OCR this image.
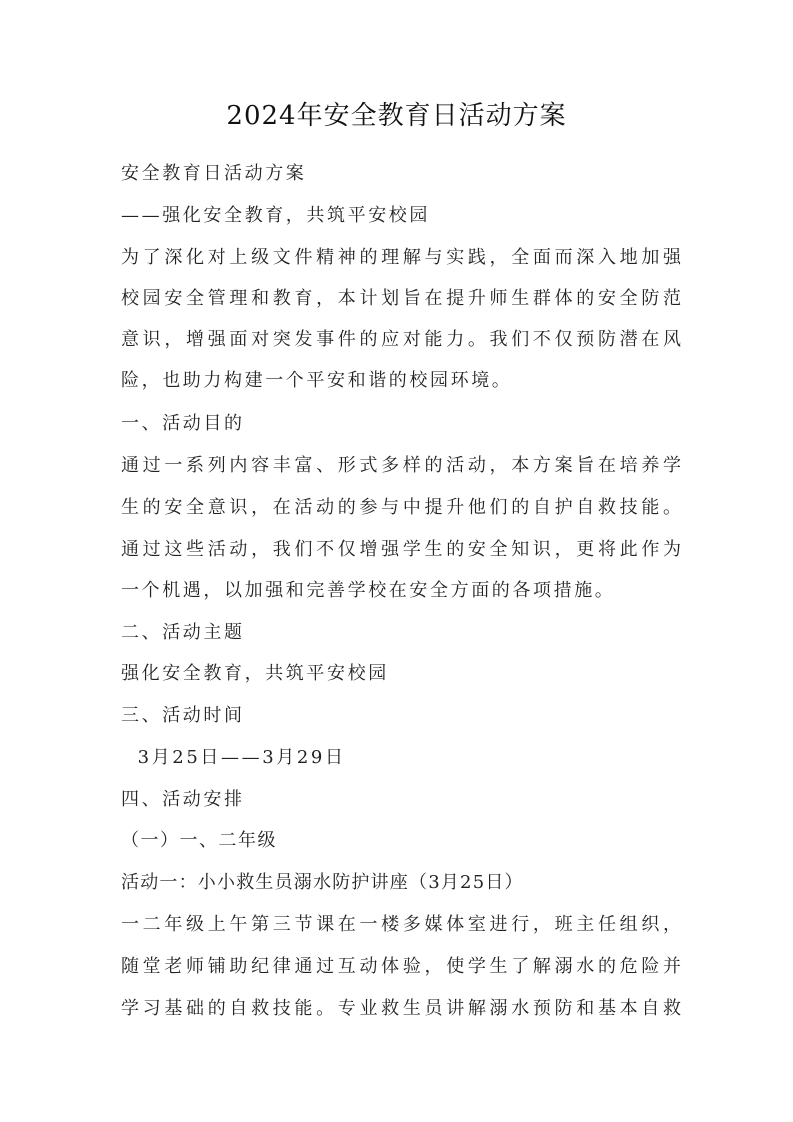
2024年安全教育日活动方案

安全教育日活动方案

——强化安全教育，共筑平安校园

为了深化对上级文件精神的理解与实践，全面而深入地加强

校园安全管理和教育，本计划旨在提升师生群体的安全防范

意识，增强面对突发事件的应对能力。我们不仅预防潜在风

险，也助力构建一个平安和谐的校园环境。

一、活动目的

通过一系列内容丰富、形式多样的活动，本方案旨在培养学

生的安全意识，在活动的参与中提升他们的自护自救技能。

通过这些活动，我们不仅增强学生的安全知识，更将此作为

一个机遇，以加强和完善学校在安全方面的各项措施。

二、活动主题

强化安全教育，共筑平安校园

三、活动时间

3月25日——3月29日

四、活动安排

（一）一、二年级

活动一：小小救生员溺水防护讲座（3月25日）

一二年级上午第三节课在一楼多媒体室进行，班主任组织，

随堂老师铺助纪律通过互动体验，使学生了解溺水的危险并

学习基础的自救技能。专业救生员讲解溺水预防和基本自救
